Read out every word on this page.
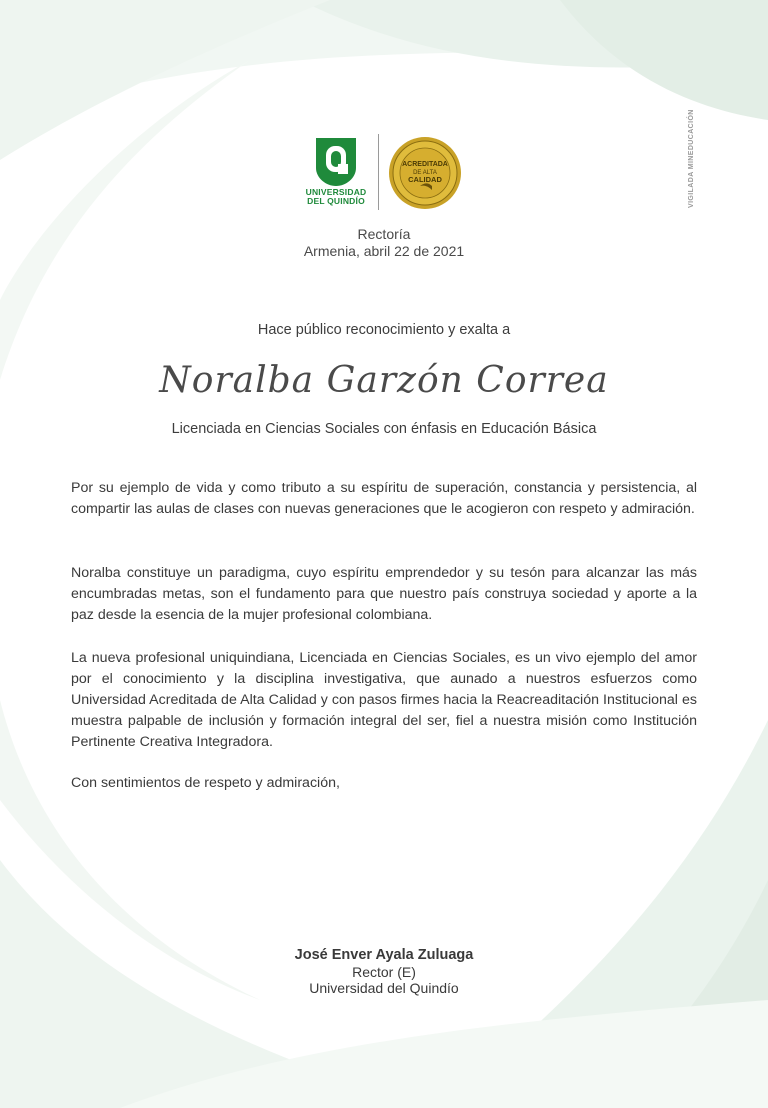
UNIVERSIDAD
DEL QUINDÍO
ACREDITADA
DE ALTA
CALIDAD	VIGILADA MINEDUCACIÓN
Rectoría
Armenia, abril 22 de 2021
Hace público reconocimiento y exalta a
Noralba Garzón Correa
Licenciada en Ciencias Sociales con énfasis en Educación Básica
Por su ejemplo de vida y como tributo a su espíritu de superación, constancia y persistencia, al compartir las aulas de clases con nuevas generaciones que le acogieron con respeto y admiración.
Noralba constituye un paradigma, cuyo espíritu emprendedor y su tesón para alcanzar las más encumbradas metas, son el fundamento para que nuestro país construya sociedad y aporte a la paz desde la esencia de la mujer profesional colombiana.
La nueva profesional uniquindiana, Licenciada en Ciencias Sociales, es un vivo ejemplo del amor por el conocimiento y la disciplina investigativa, que aunado a nuestros esfuerzos como Universidad Acreditada de Alta Calidad y con pasos firmes hacia la Reacreaditación Institucional es muestra palpable de inclusión y formación integral del ser, fiel a nuestra misión como Institución Pertinente Creativa Integradora.
Con sentimientos de respeto y admiración,
José Enver Ayala Zuluaga
Rector (E)
Universidad del Quindío
